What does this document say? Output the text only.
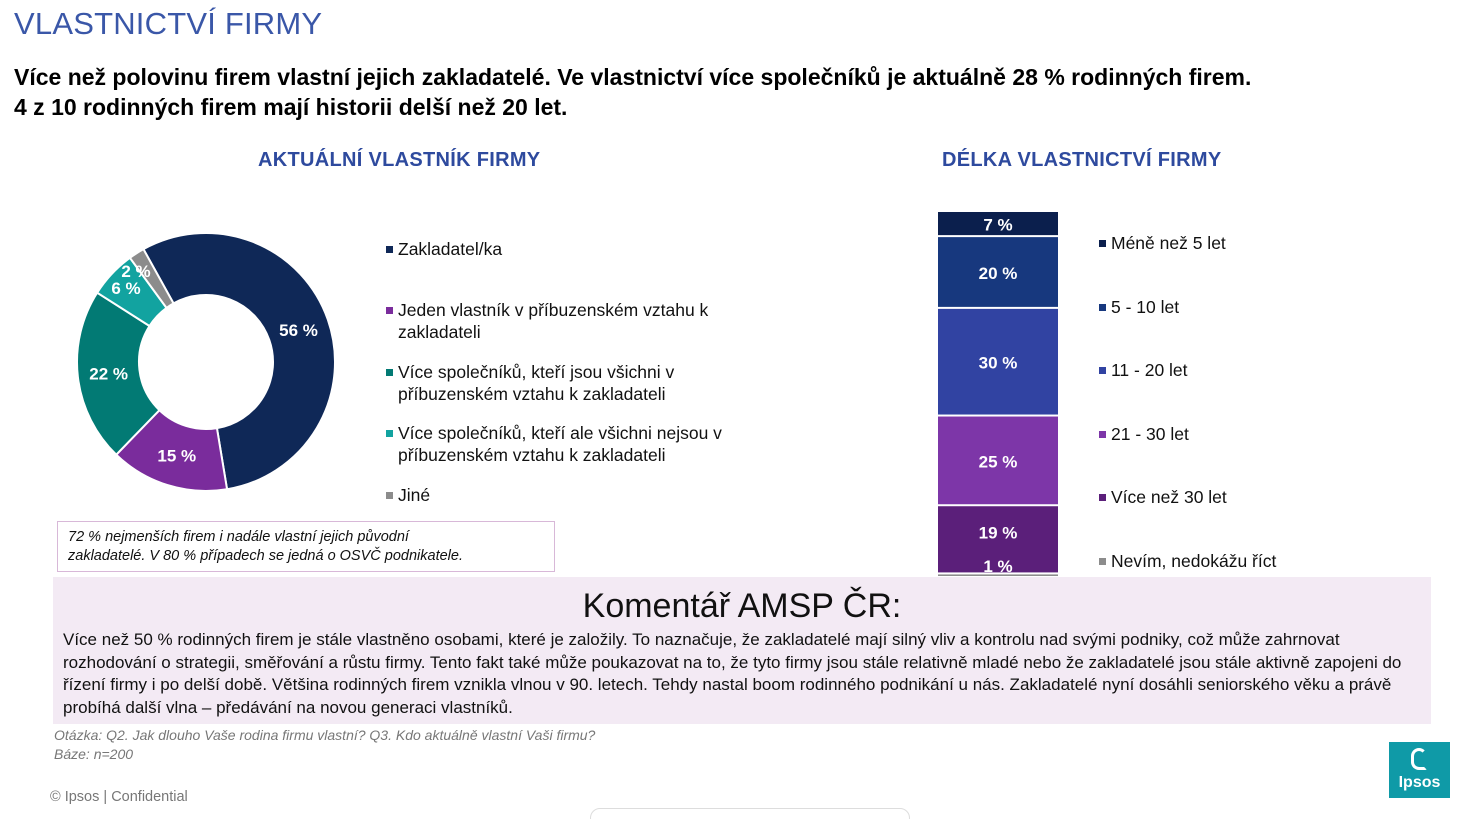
VLASTNICTVÍ FIRMY
Více než polovinu firem vlastní jejich zakladatelé. Ve vlastnictví více společníků je aktuálně 28 % rodinných firem.
4 z 10 rodinných firem mají historii delší než 20 let.
AKTUÁLNÍ VLASTNÍK FIRMY	DÉLKA VLASTNICTVÍ FIRMY
56 %
15 %
22 %
6 %
2 %
Zakladatel/ka
Jeden vlastník v příbuzenském vztahu k zakladateli
Více společníků, kteří jsou všichni v příbuzenském vztahu k zakladateli
Více společníků, kteří ale všichni nejsou v příbuzenském vztahu k zakladateli
Jiné
72 % nejmenších firem i nadále vlastní jejich původní
zakladatelé. V 80 % případech se jedná o OSVČ podnikatele.
7 %
20 %
30 %
25 %
19 %
1 %
Méně než 5 let
5 - 10 let
11 - 20 let
21 - 30 let
Více než 30 let
Nevím, nedokážu říct
Komentář AMSP ČR:
Více než 50 % rodinných firem je stále vlastněno osobami, které je založily. To naznačuje, že zakladatelé mají silný vliv a kontrolu nad svými podniky, což může zahrnovat rozhodování o strategii, směřování a růstu firmy. Tento fakt také může poukazovat na to, že tyto firmy jsou stále relativně mladé nebo že zakladatelé jsou stále aktivně zapojeni do řízení firmy i po delší době. Většina rodinných firem vznikla vlnou v 90. letech. Tehdy nastal boom rodinného podnikání u nás. Zakladatelé nyní dosáhli seniorského věku a právě probíhá další vlna – předávání na novou generaci vlastníků.
Otázka: Q2. Jak dlouho Vaše rodina firmu vlastní? Q3. Kdo aktuálně vlastní Vaši firmu?
Báze: n=200
© Ipsos | Confidential
Ipsos
